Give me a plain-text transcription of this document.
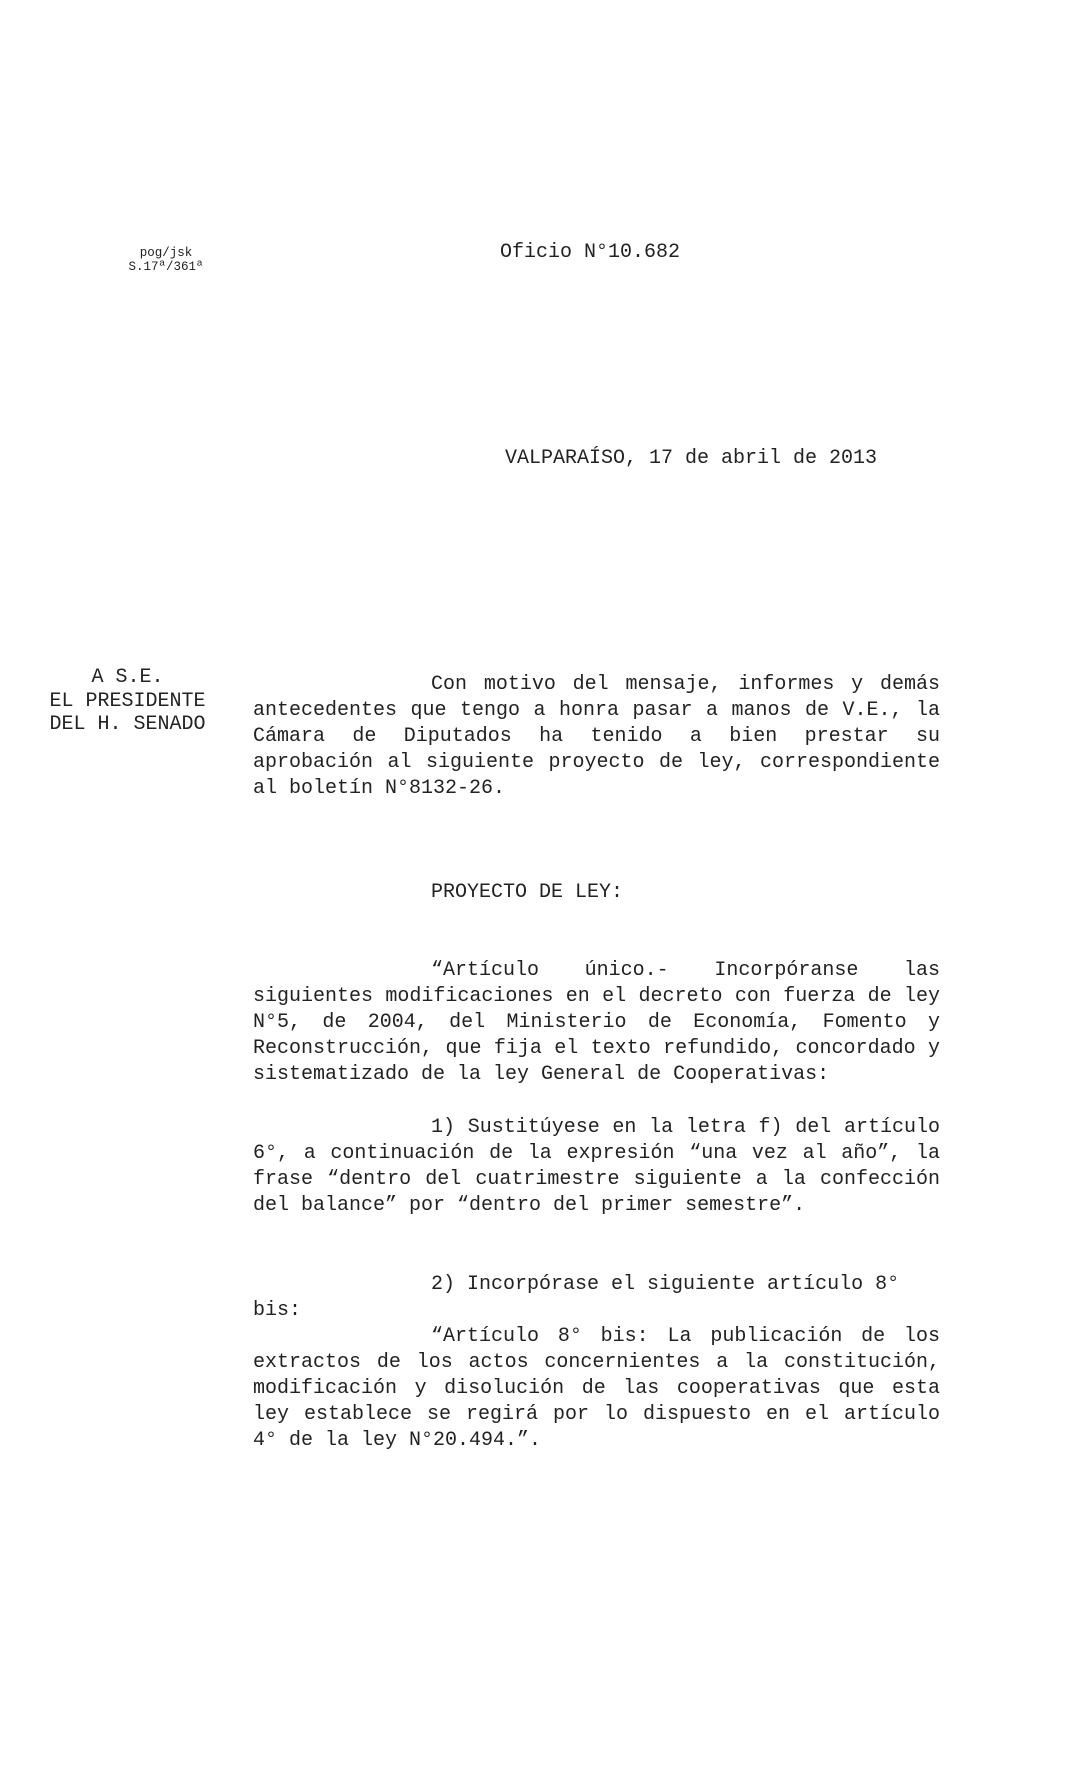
pog/jsk
S.17ª/361ª
Oficio N°10.682
VALPARAÍSO, 17 de abril de 2013
A S.E.
EL PRESIDENTE
DEL H. SENADO

Con motivo del mensaje, informes y demás antecedentes que tengo a honra pasar a manos de V.E., la Cámara de Diputados ha tenido a bien prestar su aprobación al siguiente proyecto de ley, correspondiente al boletín N°8132-26.

PROYECTO DE LEY:

“Artículo único.- Incorpóranse las siguientes modificaciones en el decreto con fuerza de ley N°5, de 2004, del Ministerio de Economía, Fomento y Reconstrucción, que fija el texto refundido, concordado y sistematizado de la ley General de Cooperativas:

1) Sustitúyese en la letra f) del artículo 6°, a continuación de la expresión “una vez al año”, la frase “dentro del cuatrimestre siguiente a la confección del balance” por “dentro del primer semestre”.

2) Incorpórase el siguiente artículo 8° bis:

“Artículo 8° bis: La publicación de los extractos de los actos concernientes a la constitución, modificación y disolución de las cooperativas que esta ley establece se regirá por lo dispuesto en el artículo 4° de la ley N°20.494.”.
